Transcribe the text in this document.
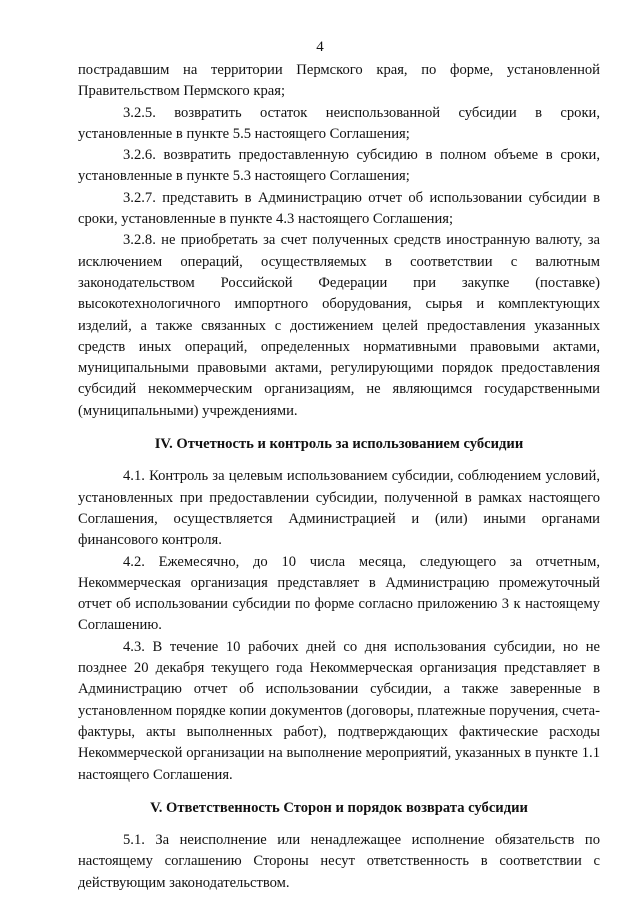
4

пострадавшим на территории Пермского края, по форме, установленной Правительством Пермского края;

3.2.5. возвратить остаток неиспользованной субсидии в сроки, установленные в пункте 5.5 настоящего Соглашения;

3.2.6. возвратить предоставленную субсидию в полном объеме в сроки, установленные в пункте 5.3 настоящего Соглашения;

3.2.7. представить в Администрацию отчет об использовании субсидии в сроки, установленные в пункте 4.3 настоящего Соглашения;

3.2.8. не приобретать за счет полученных средств иностранную валюту, за исключением операций, осуществляемых в соответствии с валютным законодательством Российской Федерации при закупке (поставке) высокотехнологичного импортного оборудования, сырья и комплектующих изделий, а также связанных с достижением целей предоставления указанных средств иных операций, определенных нормативными правовыми актами, муниципальными правовыми актами, регулирующими порядок предоставления субсидий некоммерческим организациям, не являющимся государственными (муниципальными) учреждениями.

IV. Отчетность и контроль за использованием субсидии

4.1. Контроль за целевым использованием субсидии, соблюдением условий, установленных при предоставлении субсидии, полученной в рамках настоящего Соглашения, осуществляется Администрацией и (или) иными органами финансового контроля.

4.2. Ежемесячно, до 10 числа месяца, следующего за отчетным, Некоммерческая организация представляет в Администрацию промежуточный отчет об использовании субсидии по форме согласно приложению 3 к настоящему Соглашению.

4.3. В течение 10 рабочих дней со дня использования субсидии, но не позднее 20 декабря текущего года Некоммерческая организация представляет в Администрацию отчет об использовании субсидии, а также заверенные в установленном порядке копии документов (договоры, платежные поручения, счета-фактуры, акты выполненных работ), подтверждающих фактические расходы Некоммерческой организации на выполнение мероприятий, указанных в пункте 1.1 настоящего Соглашения.

V. Ответственность Сторон и порядок возврата субсидии

5.1. За неисполнение или ненадлежащее исполнение обязательств по настоящему соглашению Стороны несут ответственность в соответствии с действующим законодательством.
